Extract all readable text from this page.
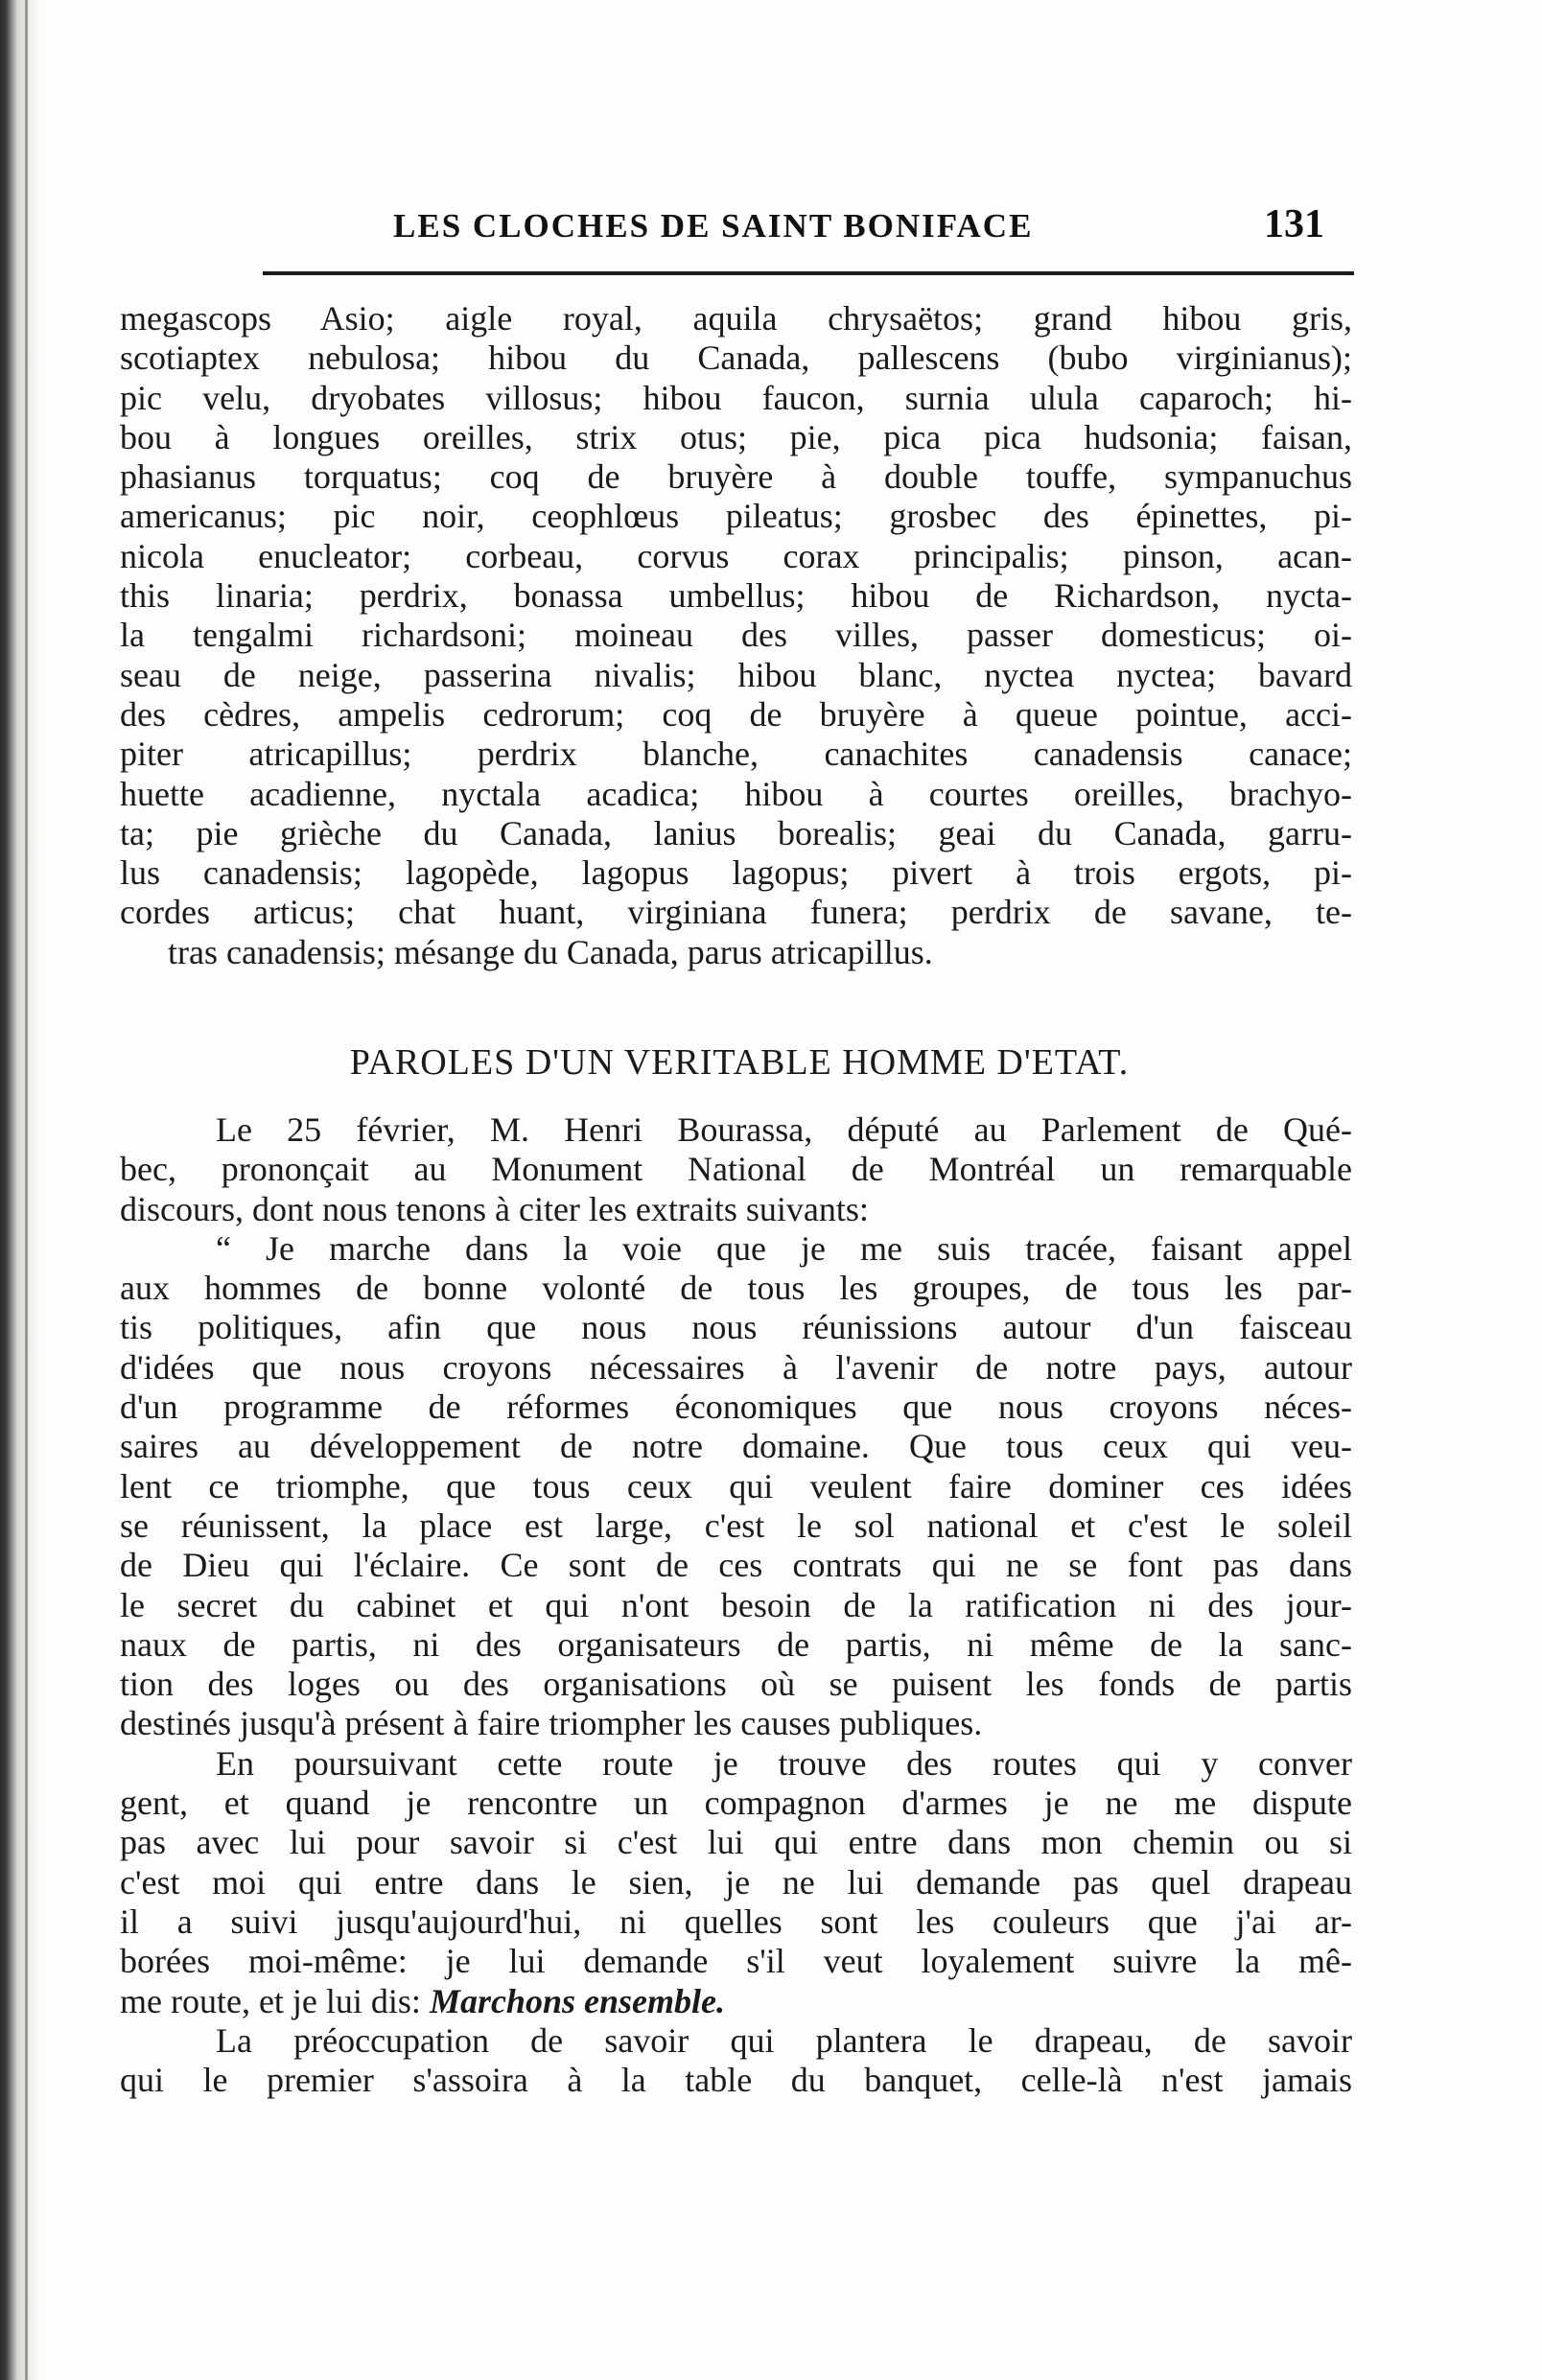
LES CLOCHES DE SAINT BONIFACE	131
megascops Asio; aigle royal, aquila chrysaëtos; grand hibou gris,
scotiaptex nebulosa; hibou du Canada, pallescens (bubo virginianus);
pic velu, dryobates villosus; hibou faucon, surnia ulula caparoch; hi-
bou à longues oreilles, strix otus; pie, pica pica hudsonia; faisan,
phasianus torquatus; coq de bruyère à double touffe, sympanuchus
americanus; pic noir, ceophlœus pileatus; grosbec des épinettes, pi-
nicola enucleator; corbeau, corvus corax principalis; pinson, acan-
this linaria; perdrix, bonassa umbellus; hibou de Richardson, nycta-
la tengalmi richardsoni; moineau des villes, passer domesticus; oi-
seau de neige, passerina nivalis; hibou blanc, nyctea nyctea; bavard
des cèdres, ampelis cedrorum; coq de bruyère à queue pointue, acci-
piter atricapillus; perdrix blanche, canachites canadensis canace;
huette acadienne, nyctala acadica; hibou à courtes oreilles, brachyo-
ta; pie grièche du Canada, lanius borealis; geai du Canada, garru-
lus canadensis; lagopède, lagopus lagopus; pivert à trois ergots, pi-
cordes articus; chat huant, virginiana funera; perdrix de savane, te-
tras canadensis; mésange du Canada, parus atricapillus.
PAROLES D'UN VERITABLE HOMME D'ETAT.
Le 25 février, M. Henri Bourassa, député au Parlement de Qué-
bec, prononçait au Monument National de Montréal un remarquable
discours, dont nous tenons à citer les extraits suivants:
“ Je marche dans la voie que je me suis tracée, faisant appel
aux hommes de bonne volonté de tous les groupes, de tous les par-
tis politiques, afin que nous nous réunissions autour d'un faisceau
d'idées que nous croyons nécessaires à l'avenir de notre pays, autour
d'un programme de réformes économiques que nous croyons néces-
saires au développement de notre domaine. Que tous ceux qui veu-
lent ce triomphe, que tous ceux qui veulent faire dominer ces idées
se réunissent, la place est large, c'est le sol national et c'est le soleil
de Dieu qui l'éclaire. Ce sont de ces contrats qui ne se font pas dans
le secret du cabinet et qui n'ont besoin de la ratification ni des jour-
naux de partis, ni des organisateurs de partis, ni même de la sanc-
tion des loges ou des organisations où se puisent les fonds de partis
destinés jusqu'à présent à faire triompher les causes publiques.
En poursuivant cette route je trouve des routes qui y conver
gent, et quand je rencontre un compagnon d'armes je ne me dispute
pas avec lui pour savoir si c'est lui qui entre dans mon chemin ou si
c'est moi qui entre dans le sien, je ne lui demande pas quel drapeau
il a suivi jusqu'aujourd'hui, ni quelles sont les couleurs que j'ai ar-
borées moi-même: je lui demande s'il veut loyalement suivre la mê-
me route, et je lui dis: Marchons ensemble.
La préoccupation de savoir qui plantera le drapeau, de savoir
qui le premier s'assoira à la table du banquet, celle-là n'est jamais
